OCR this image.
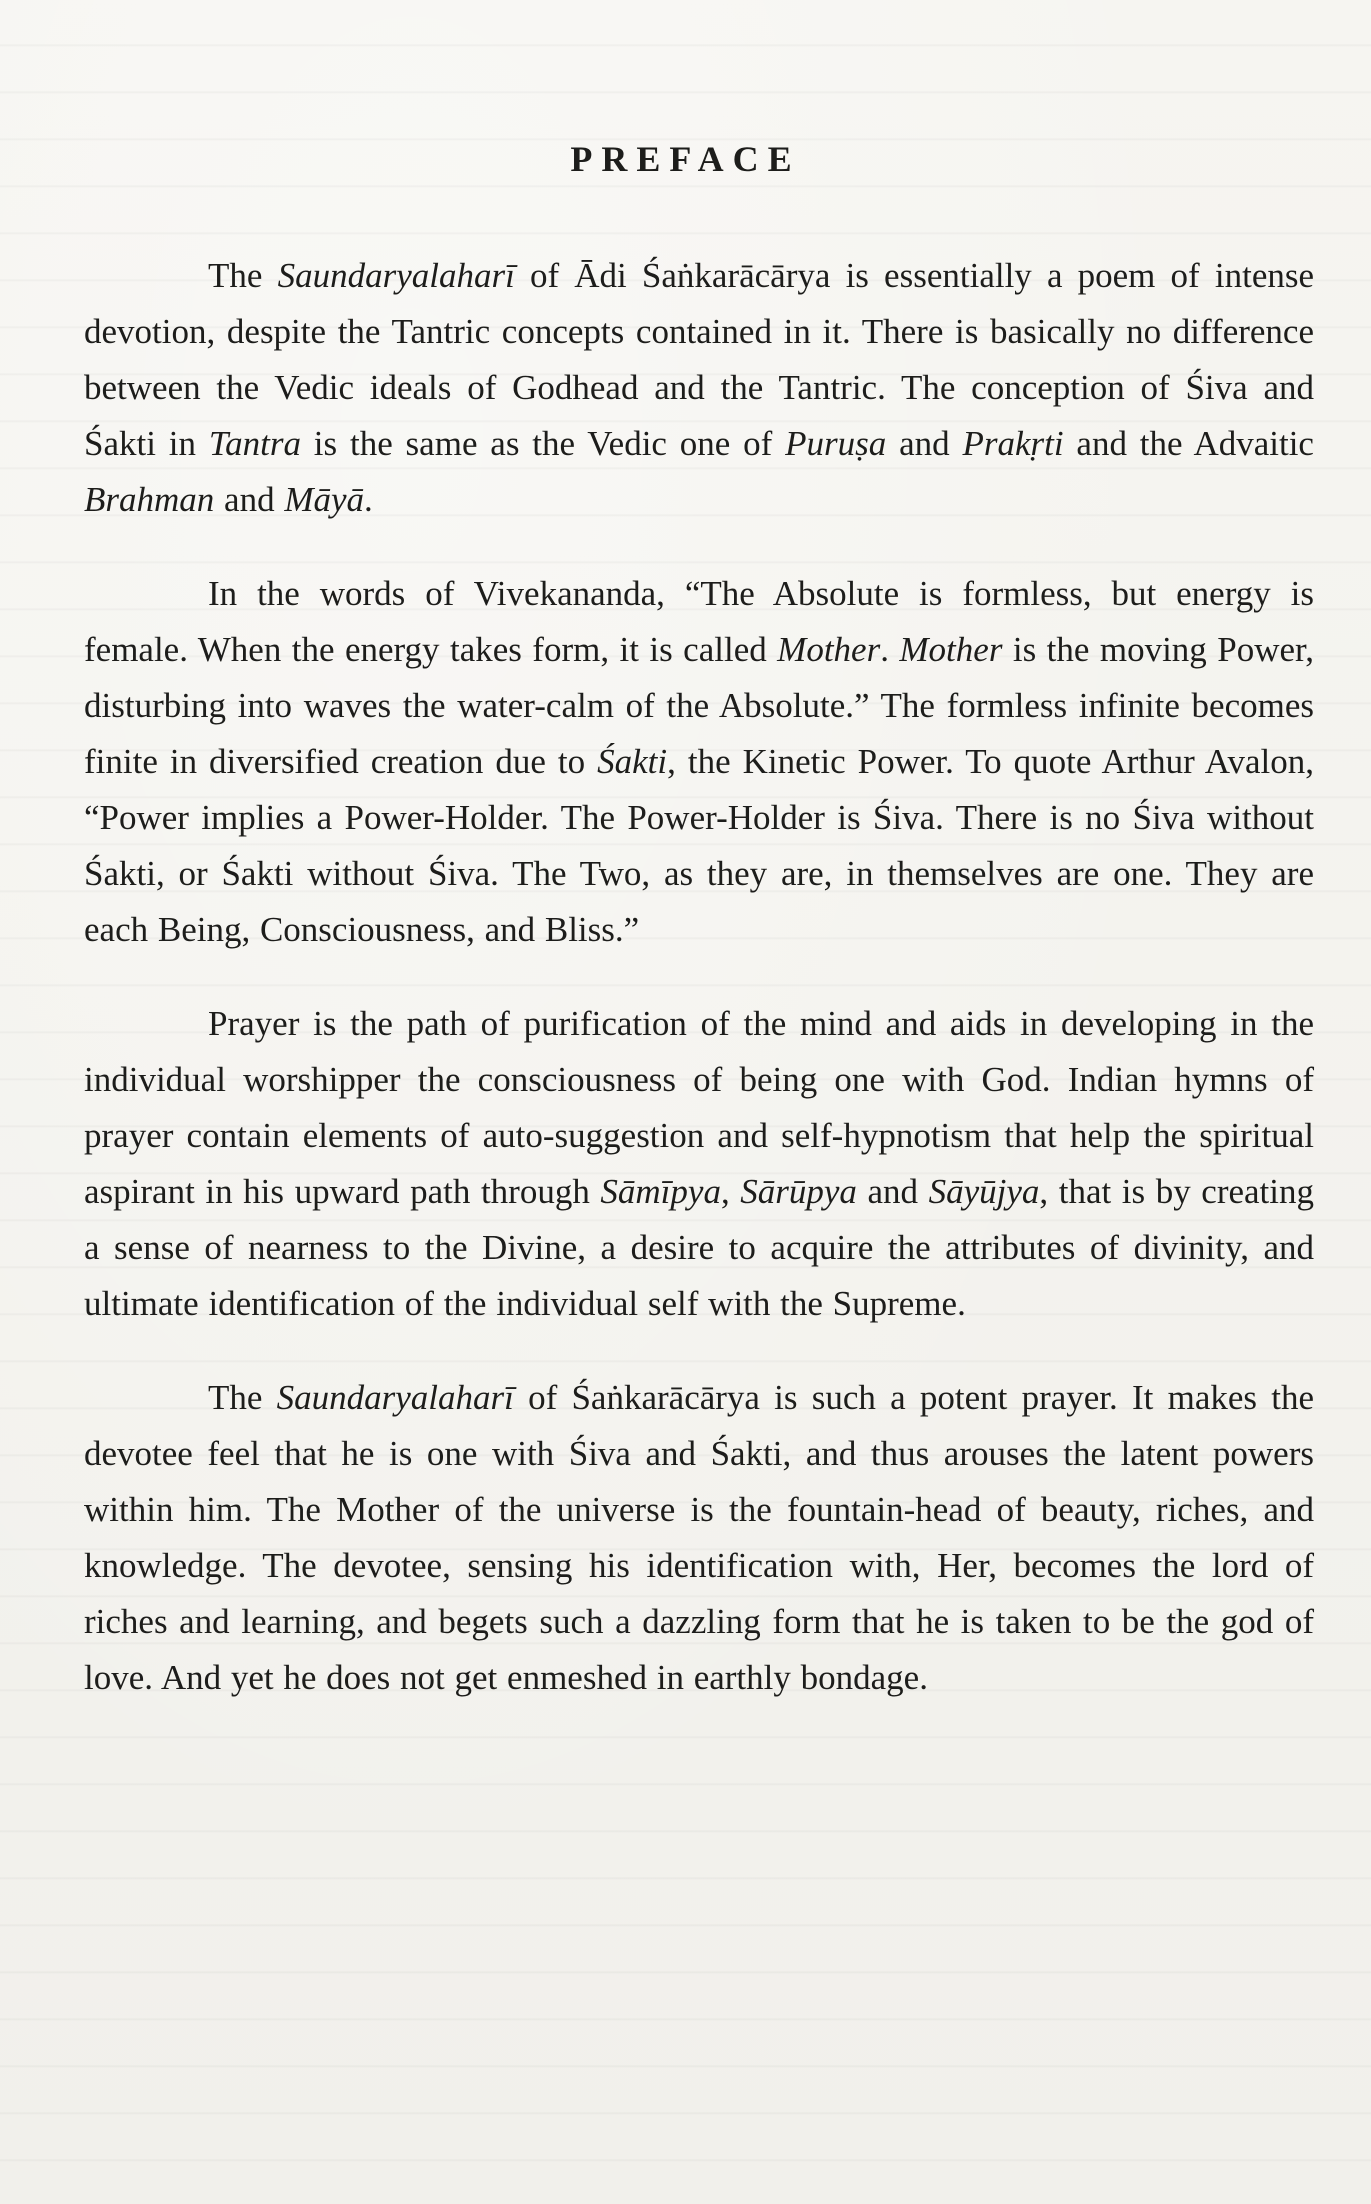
PREFACE

The Saundaryalaharī of Ādi Śaṅkarācārya is essentially a poem of intense devotion, despite the Tantric concepts contained in it. There is basically no difference between the Vedic ideals of Godhead and the Tantric. The conception of Śiva and Śakti in Tantra is the same as the Vedic one of Puruṣa and Prakṛti and the Advaitic Brahman and Māyā.

In the words of Vivekananda, “The Absolute is formless, but energy is female. When the energy takes form, it is called Mother. Mother is the moving Power, disturbing into waves the water-calm of the Absolute.” The formless infinite becomes finite in diversified creation due to Śakti, the Kinetic Power. To quote Arthur Avalon, “Power implies a Power-Holder. The Power-Holder is Śiva. There is no Śiva without Śakti, or Śakti without Śiva. The Two, as they are, in themselves are one. They are each Being, Consciousness, and Bliss.”

Prayer is the path of purification of the mind and aids in developing in the individual worshipper the consciousness of being one with God. Indian hymns of prayer contain elements of auto-suggestion and self-hypnotism that help the spiritual aspirant in his upward path through Sāmīpya, Sārūpya and Sāyūjya, that is by creating a sense of nearness to the Divine, a desire to acquire the attributes of divinity, and ultimate identification of the individual self with the Supreme.

The Saundaryalaharī of Śaṅkarācārya is such a potent prayer. It makes the devotee feel that he is one with Śiva and Śakti, and thus arouses the latent powers within him. The Mother of the universe is the fountain-head of beauty, riches, and knowledge. The devotee, sensing his identification with, Her, becomes the lord of riches and learning, and begets such a dazzling form that he is taken to be the god of love. And yet he does not get enmeshed in earthly bondage.
